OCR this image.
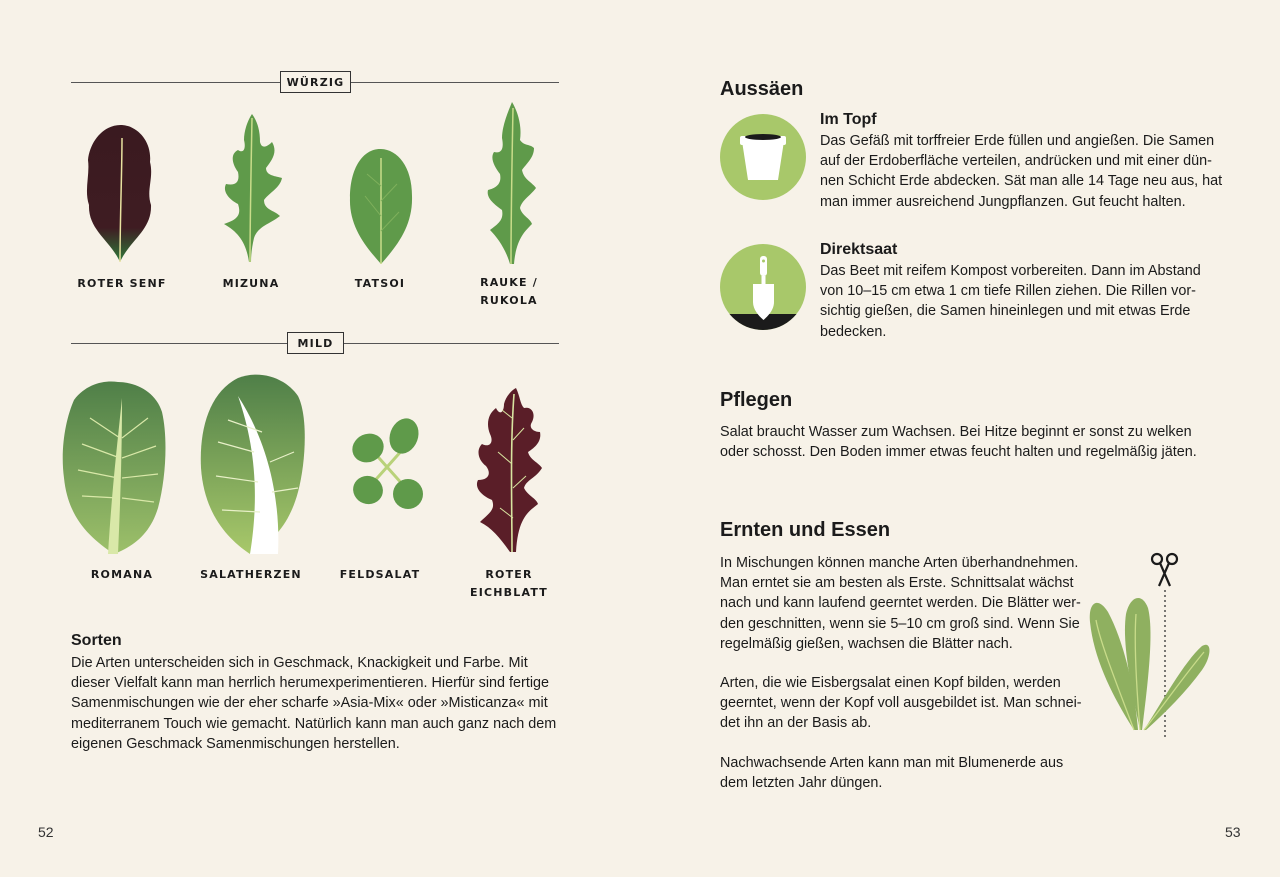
WÜRZIG
ROTER SENF	MIZUNA	TATSOI	RAUKE /
RUKOLA
MILD
ROMANA	SALATHERZEN	FELDSALAT	ROTER
EICHBLATT
Sorten
Die Arten unterscheiden sich in Geschmack, Knackigkeit und Farbe. Mit
dieser Vielfalt kann man herrlich herumexperimentieren. Hierfür sind fertige
Samenmischungen wie der eher scharfe »Asia-Mix« oder »Misticanza« mit
mediterranem Touch wie gemacht. Natürlich kann man auch ganz nach dem
eigenen Geschmack Samenmischungen herstellen.
52
Aussäen
Im Topf
Das Gefäß mit torffreier Erde füllen und angießen. Die Samen
auf der Erdoberfläche verteilen, andrücken und mit einer dün-
nen Schicht Erde abdecken. Sät man alle 14 Tage neu aus, hat
man immer ausreichend Jungpflanzen. Gut feucht halten.
Direktsaat
Das Beet mit reifem Kompost vorbereiten. Dann im Abstand
von 10–15 cm etwa 1 cm tiefe Rillen ziehen. Die Rillen vor-
sichtig gießen, die Samen hineinlegen und mit etwas Erde
bedecken.
Pflegen
Salat braucht Wasser zum Wachsen. Bei Hitze beginnt er sonst zu welken
oder schosst. Den Boden immer etwas feucht halten und regelmäßig jäten.
Ernten und Essen
In Mischungen können manche Arten überhandnehmen.
Man erntet sie am besten als Erste. Schnittsalat wächst
nach und kann laufend geerntet werden. Die Blätter wer-
den geschnitten, wenn sie 5–10 cm groß sind. Wenn Sie
regelmäßig gießen, wachsen die Blätter nach.
Arten, die wie Eisbergsalat einen Kopf bilden, werden
geerntet, wenn der Kopf voll ausgebildet ist. Man schnei-
det ihn an der Basis ab.
Nachwachsende Arten kann man mit Blumenerde aus
dem letzten Jahr düngen.
53
